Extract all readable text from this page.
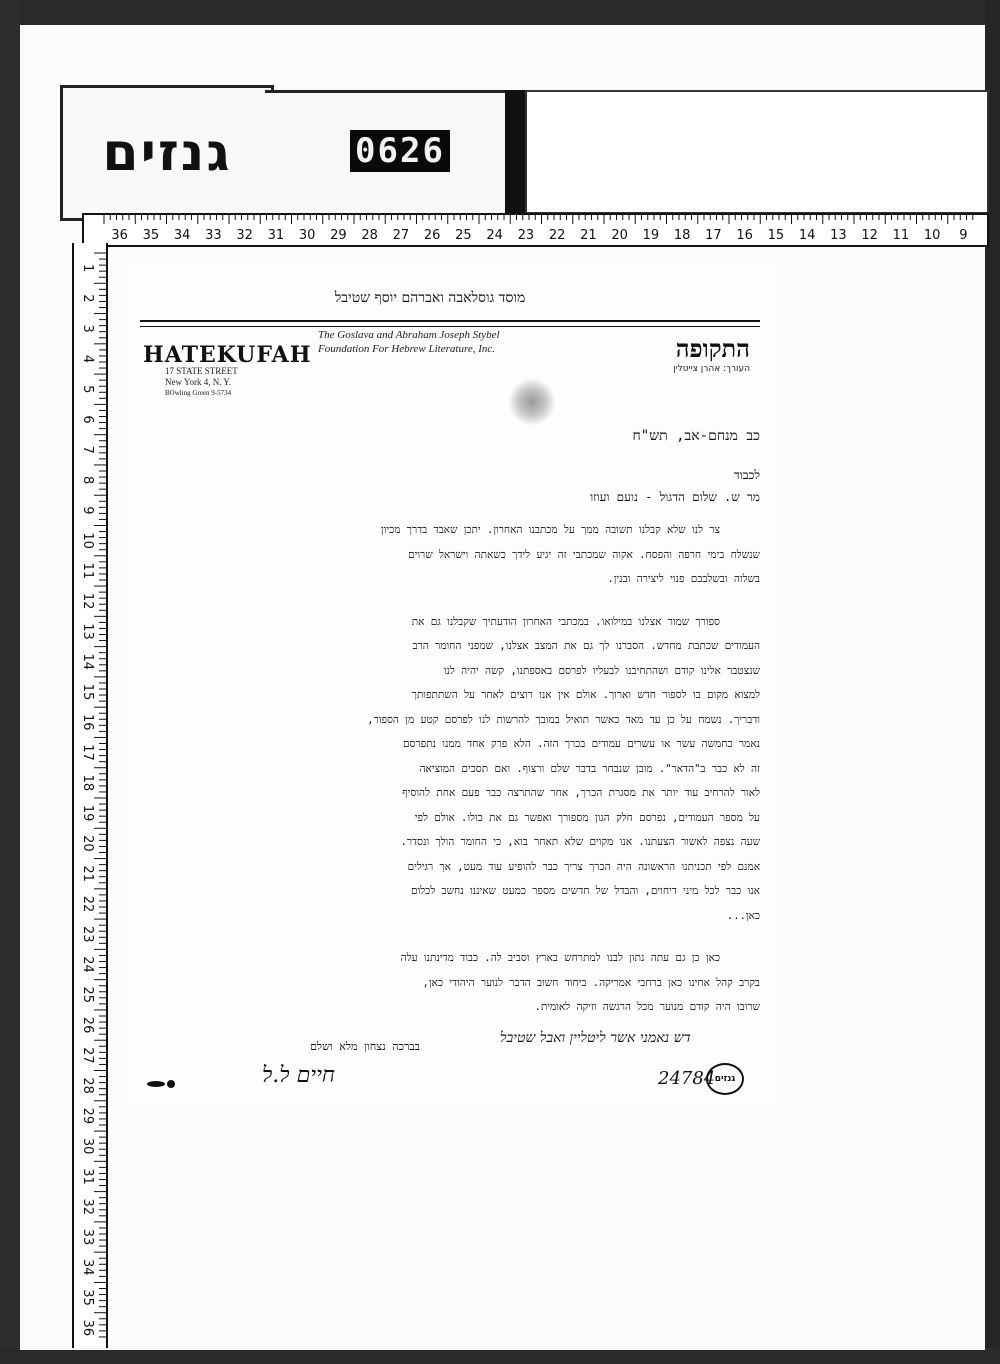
גנזים	0626
36 35 34 33 32 31 30 29 28 27 26 25 24 23 22 21 20 19 18 17 16 15 14 13 12 11 10 9
1
2
3
4
5
6
7
8
9
10
11
12
13
14
15
16
17
18
19
20
21
22
23
24
25
26
27
28
29
30
31
32
33
34
35
36
מוסד גוסלאבה ואברהם יוסף שטיבל
HATEKUFAH
17 STATE STREET
New York 4, N. Y.
BOwling Green 9-5734
The Goslava and Abraham Joseph Stybel
Foundation For Hebrew Literature, Inc.	התקופה
העורך: אהרן צייטלין
כב מנחם-אב, תש"ח
לכבוד
מר ש. שלום הדגול - נועם ועוזו
צר לנו שלא קבלנו תשובה ממך על מכתבנו האחרון. יתכן שאבד בדרך מכיון
שנשלח בימי חרפה והפסח. אקוה שמכתבי זה יגיע לידך כשאתה וישראל שרוים
בשלוה ובשלבבם פנוי ליצירה ובנין.
ספורך שמור אצלנו במילואו. במכתבי האחרון הודעתיך שקבלנו גם את
העמודים שכתבת מחדש. הסברנו לך גם את המצב אצלנו, שמפני החומר הרב
שנצטבר אלינו קודם ושהתחיבנו לבעליו לפרסם באספתנו, קשה יהיה לנו
למצוא מקום בו לספור חדש וארוך. אולם אין אנו רוצים לאחר על השתתפותך
ודבריך. נשמח על כן עד מאד כאשר תואיל במובך להרשות לנו לפרסם קטע מן הספור,
נאמר כחמשה עשר או עשרים עמודים בכרך הזה. הלא פרק אחד ממנו נתפרסם
זה לא כבר ב"הדאר". מובן שנבחר בדבר שלם ורצוף. ואם תסכים המוציאה
לאור להרחיב עוד יותר את מסגרת הכרך, אחר שהתרצה כבר פעם אחת להוסיף
על מספר העמודים, נפרסם חלק הגון מספורך ואפשר גם את כולו. אולם לפי
שעה נצפה לאשור הצעתנו. אנו מקוים שלא תאחר בוא, כי החומר הולך ונסדר.
אמנם לפי תכניתנו הראשונה היה הכרך צריך כבר להופיע עוד מעט, אך רגילים
אנו כבר לכל מיני דיחוים, והבדל של חדשים מספר כמעט שאיננו נחשב לכלום
כאן...
כאן כן גם עתה נתון לבנו למתרחש בארץ וסביב לה. כבוד מדינתנו עלה
בקרב קהל אחינו כאן ברחבי אמריקה. ביחוד חשוב הדבר לנוער היהודי כאן,
שרובו היה קודם מנוער מכל הרגשה וזיקה לאומית.
בברכה נצחון מלא ושלם
חיים ל.ל
דש נאמני אשר ליטליין ואבל שטיבל
24784 גנזים
